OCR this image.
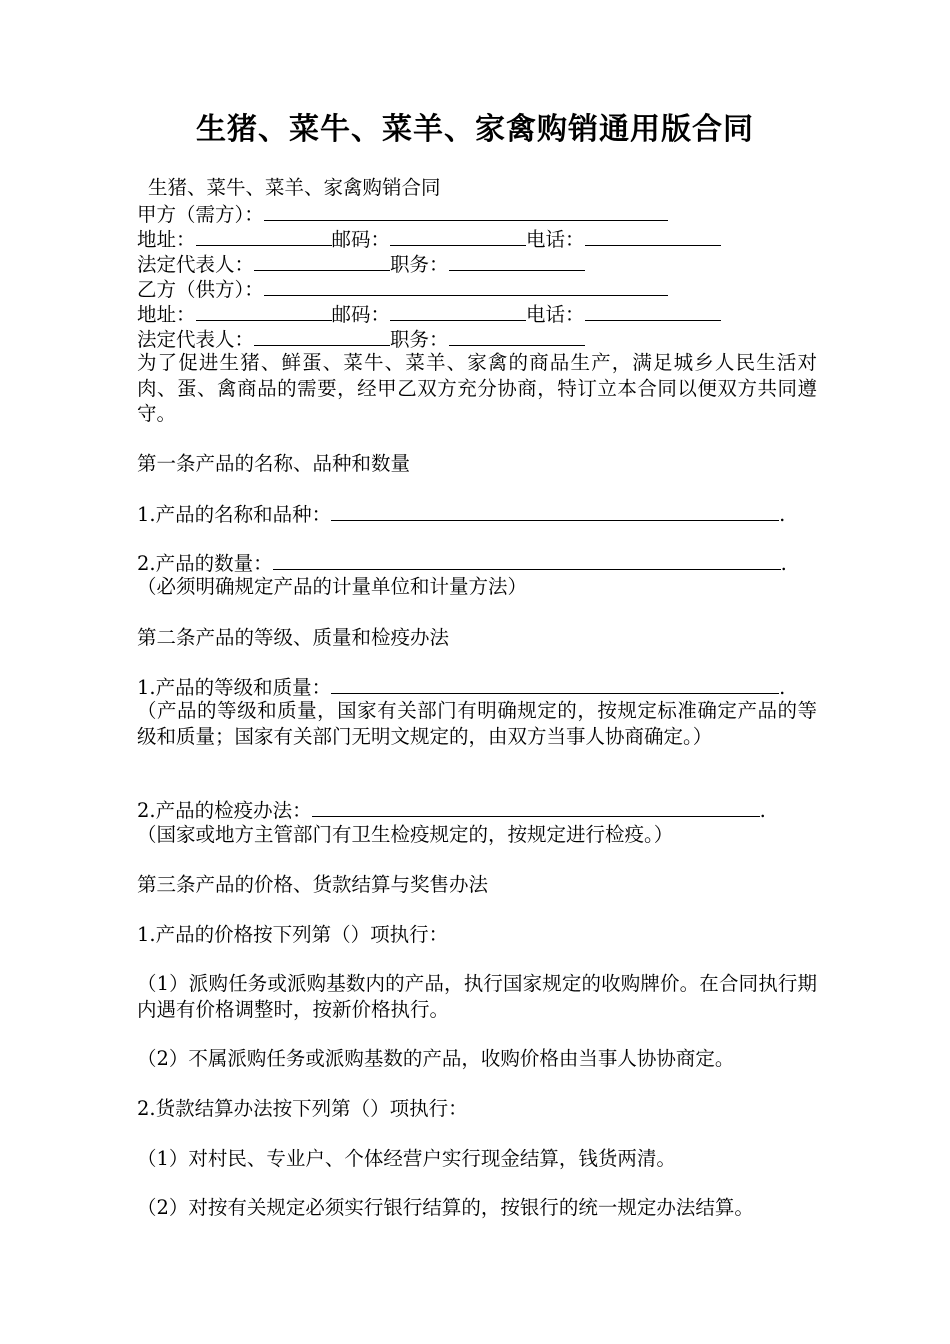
生猪、菜牛、菜羊、家禽购销通用版合同
生猪、菜牛、菜羊、家禽购销合同
甲方（需方）：
地址：	邮码：	电话：
法定代表人：	职务：
乙方（供方）：
地址：	邮码：	电话：
法定代表人：	职务：
为了促进生猪、鲜蛋、菜牛、菜羊、家禽的商品生产，满足城乡人民生活对肉、蛋、禽商品的需要，经甲乙双方充分协商，特订立本合同以便双方共同遵守。
第一条产品的名称、品种和数量
1.产品的名称和品种：	.
2.产品的数量：	.
（必须明确规定产品的计量单位和计量方法）
第二条产品的等级、质量和检疫办法
1.产品的等级和质量：	.
（产品的等级和质量，国家有关部门有明确规定的，按规定标准确定产品的等级和质量；国家有关部门无明文规定的，由双方当事人协商确定。）
2.产品的检疫办法：	.
（国家或地方主管部门有卫生检疫规定的，按规定进行检疫。）
第三条产品的价格、货款结算与奖售办法
1.产品的价格按下列第（）项执行：
（1）派购任务或派购基数内的产品，执行国家规定的收购牌价。在合同执行期内遇有价格调整时，按新价格执行。
（2）不属派购任务或派购基数的产品，收购价格由当事人协协商定。
2.货款结算办法按下列第（）项执行：
（1）对村民、专业户、个体经营户实行现金结算，钱货两清。
（2）对按有关规定必须实行银行结算的，按银行的统一规定办法结算。
